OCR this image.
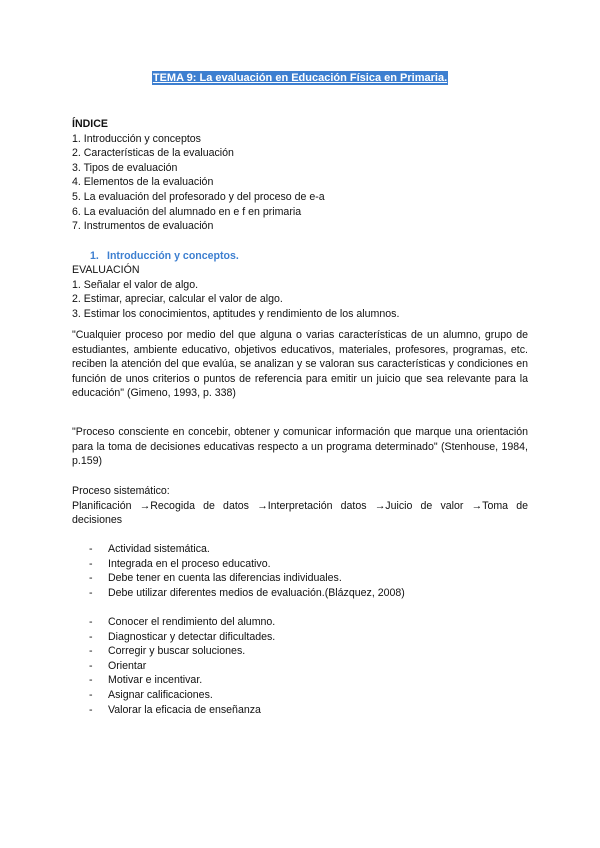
TEMA 9: La evaluación en Educación Física en Primaria.
ÍNDICE
1. Introducción y conceptos
2. Características de la evaluación
3. Tipos de evaluación
4. Elementos de la evaluación
5. La evaluación del profesorado y del proceso de e-a
6. La evaluación del alumnado en e f en primaria
7. Instrumentos de evaluación
1. Introducción y conceptos.
EVALUACIÓN
1. Señalar el valor de algo.
2. Estimar, apreciar, calcular el valor de algo.
3. Estimar los conocimientos, aptitudes y rendimiento de los alumnos.
"Cualquier proceso por medio del que alguna o varias características de un alumno, grupo de estudiantes, ambiente educativo, objetivos educativos, materiales, profesores, programas, etc. reciben la atención del que evalúa, se analizan y se valoran sus características y condiciones en función de unos criterios o puntos de referencia para emitir un juicio que sea relevante para la educación" (Gimeno, 1993, p. 338)
"Proceso consciente en concebir, obtener y comunicar información que marque una orientación para la toma de decisiones educativas respecto a un programa determinado" (Stenhouse, 1984, p.159)
Proceso sistemático:
Planificación →Recogida de datos →Interpretación datos →Juicio de valor →Toma de decisiones
- Actividad sistemática.
- Integrada en el proceso educativo.
- Debe tener en cuenta las diferencias individuales.
- Debe utilizar diferentes medios de evaluación.(Blázquez, 2008)
- Conocer el rendimiento del alumno.
- Diagnosticar y detectar dificultades.
- Corregir y buscar soluciones.
- Orientar
- Motivar e incentivar.
- Asignar calificaciones.
- Valorar la eficacia de enseñanza
